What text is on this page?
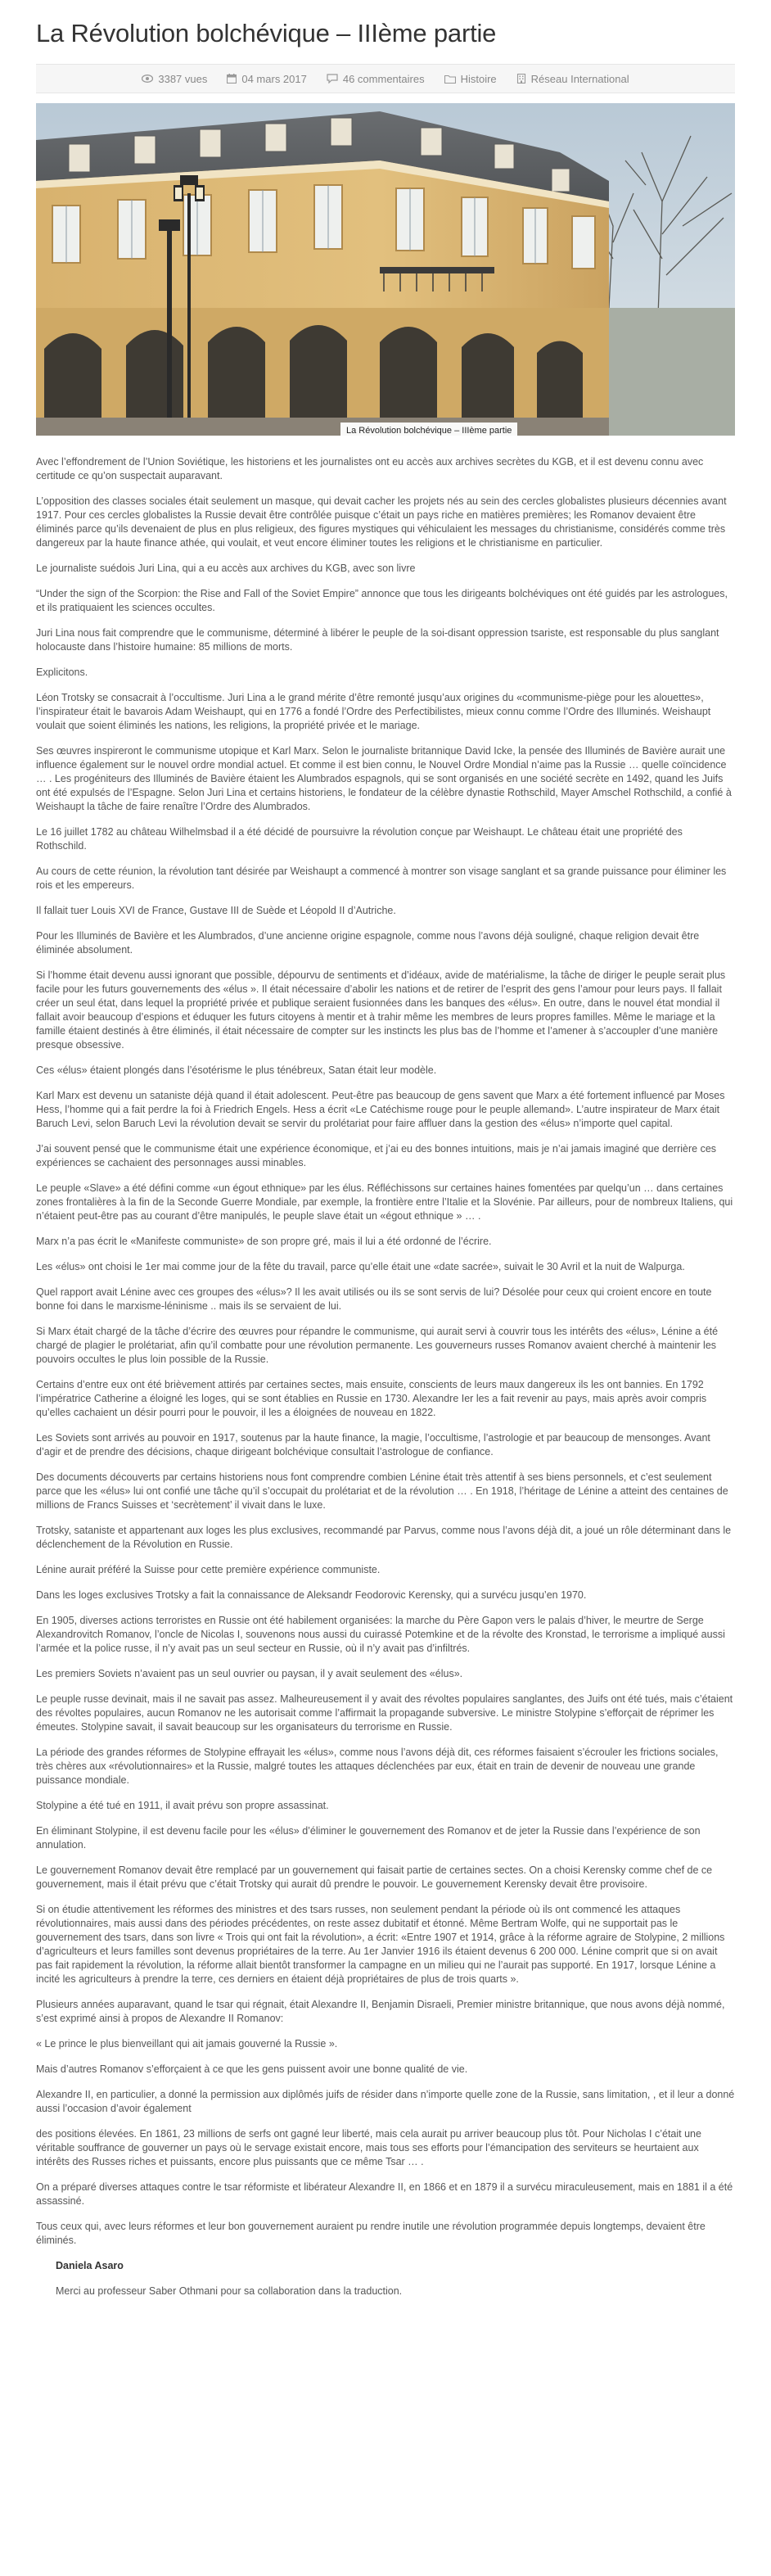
La Révolution bolchévique – IIIème partie
3387 vues	04 mars 2017	46 commentaires	Histoire	Réseau International
La Révolution bolchévique – IIIème partie

Avec l’effondrement de l’Union Soviétique, les historiens et les journalistes ont eu accès aux archives secrètes du KGB, et il est devenu connu avec certitude ce qu’on suspectait auparavant.

L’opposition des classes sociales était seulement un masque, qui devait cacher les projets nés au sein des cercles globalistes plusieurs décennies avant 1917. Pour ces cercles globalistes la Russie devait être contrôlée puisque c’était un pays riche en matières premières; les Romanov devaient être éliminés parce qu’ils devenaient de plus en plus religieux, des figures mystiques qui véhiculaient les messages du christianisme, considérés comme très dangereux par la haute finance athée, qui voulait, et veut encore éliminer toutes les religions et le christianisme en particulier.

Le journaliste suédois Juri Lina, qui a eu accès aux archives du KGB, avec son livre

“Under the sign of the Scorpion: the Rise and Fall of the Soviet Empire” annonce que tous les dirigeants bolchéviques ont été guidés par les astrologues, et ils pratiquaient les sciences occultes.

Juri Lina nous fait comprendre que le communisme, déterminé à libérer le peuple de la soi-disant oppression tsariste, est responsable du plus sanglant holocauste dans l’histoire humaine: 85 millions de morts.

Explicitons.

Léon Trotsky se consacrait à l’occultisme. Juri Lina a le grand mérite d’être remonté jusqu’aux origines du «communisme-piège pour les alouettes», l’inspirateur était le bavarois Adam Weishaupt, qui en 1776 a fondé l’Ordre des Perfectibilistes, mieux connu comme l’Ordre des Illuminés. Weishaupt voulait que soient éliminés les nations, les religions, la propriété privée et le mariage.

Ses œuvres inspireront le communisme utopique et Karl Marx. Selon le journaliste britannique David Icke, la pensée des Illuminés de Bavière aurait une influence également sur le nouvel ordre mondial actuel. Et comme il est bien connu, le Nouvel Ordre Mondial n’aime pas la Russie … quelle coïncidence … . Les progéniteurs des Illuminés de Bavière étaient les Alumbrados espagnols, qui se sont organisés en une société secrète en 1492, quand les Juifs ont été expulsés de l’Espagne. Selon Juri Lina et certains historiens, le fondateur de la célèbre dynastie Rothschild, Mayer Amschel Rothschild, a confié à Weishaupt la tâche de faire renaître l’Ordre des Alumbrados.

Le 16 juillet 1782 au château Wilhelmsbad il a été décidé de poursuivre la révolution conçue par Weishaupt. Le château était une propriété des Rothschild.

Au cours de cette réunion, la révolution tant désirée par Weishaupt a commencé à montrer son visage sanglant et sa grande puissance pour éliminer les rois et les empereurs.

Il fallait tuer Louis XVI de France, Gustave III de Suède et Léopold II d’Autriche.

Pour les Illuminés de Bavière et les Alumbrados, d’une ancienne origine espagnole, comme nous l’avons déjà souligné, chaque religion devait être éliminée absolument.

Si l’homme était devenu aussi ignorant que possible, dépourvu de sentiments et d’idéaux, avide de matérialisme, la tâche de diriger le peuple serait plus facile pour les futurs gouvernements des «élus ». Il était nécessaire d’abolir les nations et de retirer de l’esprit des gens l’amour pour leurs pays. Il fallait créer un seul état, dans lequel la propriété privée et publique seraient fusionnées dans les banques des «élus». En outre, dans le nouvel état mondial il fallait avoir beaucoup d’espions et éduquer les futurs citoyens à mentir et à trahir même les membres de leurs propres familles. Même le mariage et la famille étaient destinés à être éliminés, il était nécessaire de compter sur les instincts les plus bas de l’homme et l’amener à s’accoupler d’une manière presque obsessive.

Ces «élus» étaient plongés dans l’ésotérisme le plus ténébreux, Satan était leur modèle.

Karl Marx est devenu un sataniste déjà quand il était adolescent. Peut-être pas beaucoup de gens savent que Marx a été fortement influencé par Moses Hess, l’homme qui a fait perdre la foi à Friedrich Engels. Hess a écrit «Le Catéchisme rouge pour le peuple allemand». L’autre inspirateur de Marx était Baruch Levi, selon Baruch Levi la révolution devait se servir du prolétariat pour faire affluer dans la gestion des «élus» n’importe quel capital.

J’ai souvent pensé que le communisme était une expérience économique, et j’ai eu des bonnes intuitions, mais je n’ai jamais imaginé que derrière ces expériences se cachaient des personnages aussi minables.

Le peuple «Slave» a été défini comme «un égout ethnique» par les élus. Réfléchissons sur certaines haines fomentées par quelqu’un … dans certaines zones frontalières à la fin de la Seconde Guerre Mondiale, par exemple, la frontière entre l’Italie et la Slovénie. Par ailleurs, pour de nombreux Italiens, qui n’étaient peut-être pas au courant d’être manipulés, le peuple slave était un «égout ethnique » … .

Marx n’a pas écrit le «Manifeste communiste» de son propre gré, mais il lui a été ordonné de l’écrire.

Les «élus» ont choisi le 1er mai comme jour de la fête du travail, parce qu’elle était une «date sacrée», suivait le 30 Avril et la nuit de Walpurga.

Quel rapport avait Lénine avec ces groupes des «élus»? Il les avait utilisés ou ils se sont servis de lui? Désolée pour ceux qui croient encore en toute bonne foi dans le marxisme-léninisme .. mais ils se servaient de lui.

Si Marx était chargé de la tâche d’écrire des œuvres pour répandre le communisme, qui aurait servi à couvrir tous les intérêts des «élus», Lénine a été chargé de plagier le prolétariat, afin qu’il combatte pour une révolution permanente. Les gouverneurs russes Romanov avaient cherché à maintenir les pouvoirs occultes le plus loin possible de la Russie.

Certains d’entre eux ont été brièvement attirés par certaines sectes, mais ensuite, conscients de leurs maux dangereux ils les ont bannies. En 1792 l’impératrice Catherine a éloigné les loges, qui se sont établies en Russie en 1730. Alexandre Ier les a fait revenir au pays, mais après avoir compris qu’elles cachaient un désir pourri pour le pouvoir, il les a éloignées de nouveau en 1822.

Les Soviets sont arrivés au pouvoir en 1917, soutenus par la haute finance, la magie, l’occultisme, l’astrologie et par beaucoup de mensonges. Avant d’agir et de prendre des décisions, chaque dirigeant bolchévique consultait l’astrologue de confiance.

Des documents découverts par certains historiens nous font comprendre combien Lénine était très attentif à ses biens personnels, et c’est seulement parce que les «élus» lui ont confié une tâche qu’il s’occupait du prolétariat et de la révolution … . En 1918, l’héritage de Lénine a atteint des centaines de millions de Francs Suisses et ‘secrètement’ il vivait dans le luxe.

Trotsky, sataniste et appartenant aux loges les plus exclusives, recommandé par Parvus, comme nous l’avons déjà dit, a joué un rôle déterminant dans le déclenchement de la Révolution en Russie.

Lénine aurait préféré la Suisse pour cette première expérience communiste.

Dans les loges exclusives Trotsky a fait la connaissance de Aleksandr Feodorovic Kerensky, qui a survécu jusqu’en 1970.

En 1905, diverses actions terroristes en Russie ont été habilement organisées: la marche du Père Gapon vers le palais d’hiver, le meurtre de Serge Alexandrovitch Romanov, l’oncle de Nicolas I, souvenons nous aussi du cuirassé Potemkine et de la révolte des Kronstad, le terrorisme a impliqué aussi l’armée et la police russe, il n’y avait pas un seul secteur en Russie, où il n’y avait pas d’infiltrés.

Les premiers Soviets n’avaient pas un seul ouvrier ou paysan, il y avait seulement des «élus».

Le peuple russe devinait, mais il ne savait pas assez. Malheureusement il y avait des révoltes populaires sanglantes, des Juifs ont été tués, mais c’étaient des révoltes populaires, aucun Romanov ne les autorisait comme l’affirmait la propagande subversive. Le ministre Stolypine s’efforçait de réprimer les émeutes. Stolypine savait, il savait beaucoup sur les organisateurs du terrorisme en Russie.

La période des grandes réformes de Stolypine effrayait les «élus», comme nous l’avons déjà dit, ces réformes faisaient s’écrouler les frictions sociales, très chères aux «révolutionnaires» et la Russie, malgré toutes les attaques déclenchées par eux, était en train de devenir de nouveau une grande puissance mondiale.

Stolypine a été tué en 1911, il avait prévu son propre assassinat.

En éliminant Stolypine, il est devenu facile pour les «élus» d’éliminer le gouvernement des Romanov et de jeter la Russie dans l’expérience de son annulation.

Le gouvernement Romanov devait être remplacé par un gouvernement qui faisait partie de certaines sectes. On a choisi Kerensky comme chef de ce gouvernement, mais il était prévu que c’était Trotsky qui aurait dû prendre le pouvoir. Le gouvernement Kerensky devait être provisoire.

Si on étudie attentivement les réformes des ministres et des tsars russes, non seulement pendant la période où ils ont commencé les attaques révolutionnaires, mais aussi dans des périodes précédentes, on reste assez dubitatif et étonné. Même Bertram Wolfe, qui ne supportait pas le gouvernement des tsars, dans son livre « Trois qui ont fait la révolution», a écrit: «Entre 1907 et 1914, grâce à la réforme agraire de Stolypine, 2 millions d’agriculteurs et leurs familles sont devenus propriétaires de la terre. Au 1er Janvier 1916 ils étaient devenus 6 200 000. Lénine comprit que si on avait pas fait rapidement la révolution, la réforme allait bientôt transformer la campagne en un milieu qui ne l’aurait pas supporté. En 1917, lorsque Lénine a incité les agriculteurs à prendre la terre, ces derniers en étaient déjà propriétaires de plus de trois quarts ».

Plusieurs années auparavant, quand le tsar qui régnait, était Alexandre II, Benjamin Disraeli, Premier ministre britannique, que nous avons déjà nommé, s’est exprimé ainsi à propos de Alexandre II Romanov:

« Le prince le plus bienveillant qui ait jamais gouverné la Russie ».

Mais d’autres Romanov s’efforçaient à ce que les gens puissent avoir une bonne qualité de vie.

Alexandre II, en particulier, a donné la permission aux diplômés juifs de résider dans n’importe quelle zone de la Russie, sans limitation, , et il leur a donné aussi l’occasion d’avoir également

des positions élevées. En 1861, 23 millions de serfs ont gagné leur liberté, mais cela aurait pu arriver beaucoup plus tôt. Pour Nicholas I c’était une véritable souffrance de gouverner un pays où le servage existait encore, mais tous ses efforts pour l’émancipation des serviteurs se heurtaient aux intérêts des Russes riches et puissants, encore plus puissants que ce même Tsar … .

On a préparé diverses attaques contre le tsar réformiste et libérateur Alexandre II, en 1866 et en 1879 il a survécu miraculeusement, mais en 1881 il a été assassiné.

Tous ceux qui, avec leurs réformes et leur bon gouvernement auraient pu rendre inutile une révolution programmée depuis longtemps, devaient être éliminés.

Daniela Asaro

Merci au professeur Saber Othmani pour sa collaboration dans la traduction.
